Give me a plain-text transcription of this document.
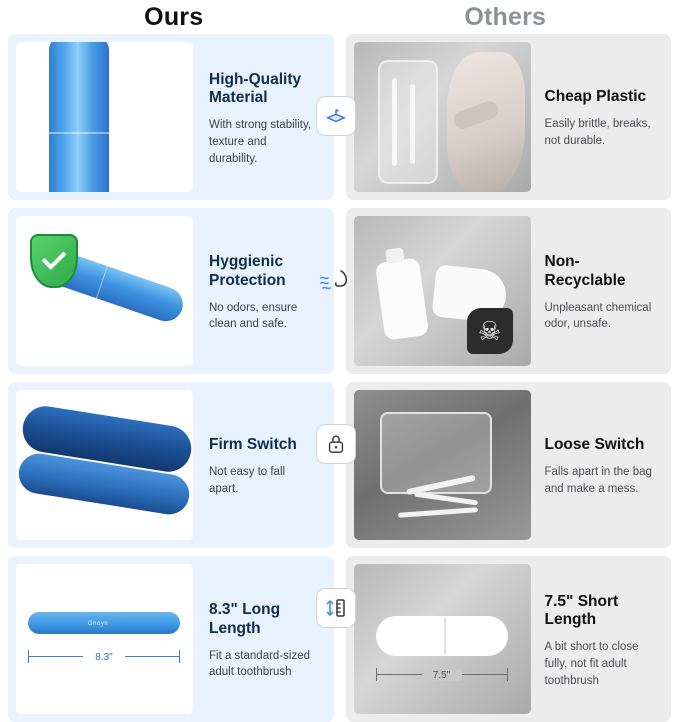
Ours	Others
High-Quality Material
With strong stability, texture and durability.
Cheap Plastic
Easily brittle, breaks, not durable.
Gnoyn
Hyggienic Protection
No odors, ensure clean and safe.	☠
Non-Recyclable
Unpleasant chemical odor, unsafe.
Firm Switch
Not easy to fall apart.
Loose Switch
Falls apart in the bag and make a mess.
Gnoyn
8.3"
8.3" Long Length
Fit a standard-sized adult toothbrush	7.5"
7.5" Short Length
A bit short to close fully, not fit adult toothbrush
